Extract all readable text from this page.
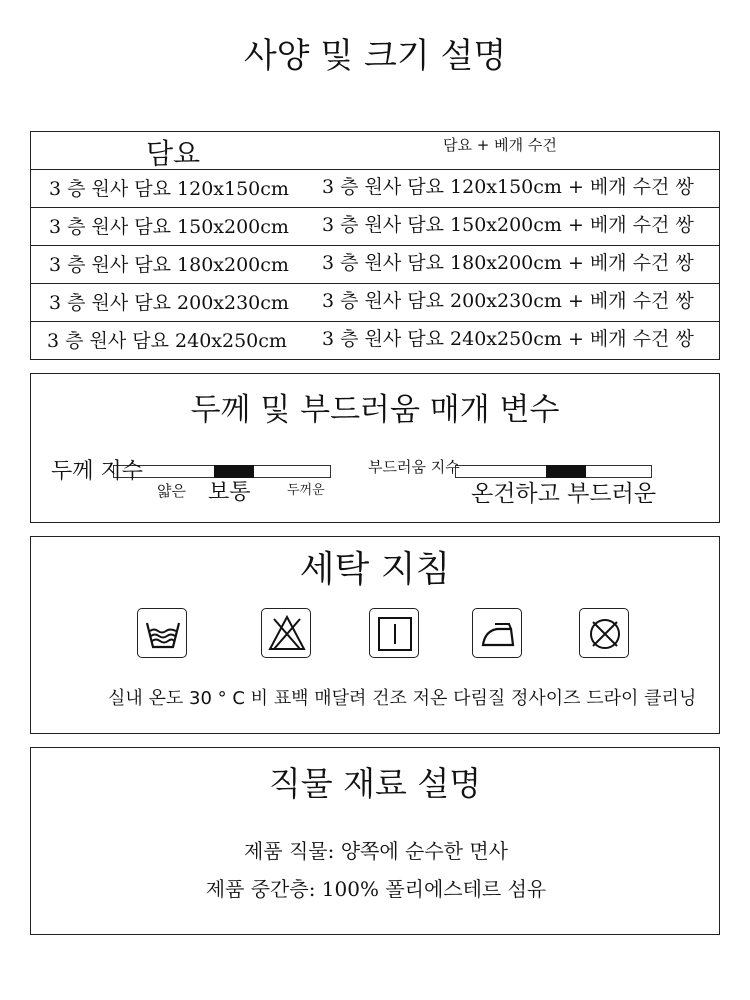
사양 및 크기 설명
담요	담요 + 베개 수건
3 층 원사 담요 120x150cm 3 층 원사 담요 120x150cm + 베개 수건 쌍
3 층 원사 담요 150x200cm 3 층 원사 담요 150x200cm + 베개 수건 쌍
3 층 원사 담요 180x200cm 3 층 원사 담요 180x200cm + 베개 수건 쌍
3 층 원사 담요 200x230cm 3 층 원사 담요 200x230cm + 베개 수건 쌍
3 층 원사 담요 240x250cm 3 층 원사 담요 240x250cm + 베개 수건 쌍
두께 및 부드러움 매개 변수
두께 지수
얇은 보통	두꺼운
부드러움 지수
온건하고 부드러운
세탁 지침
실내 온도 30 ° C 비 표백 매달려 건조 저온 다림질 정사이즈 드라이 클리닝
직물 재료 설명
제품 직물: 양쪽에 순수한 면사
제품 중간층: 100% 폴리에스테르 섬유
